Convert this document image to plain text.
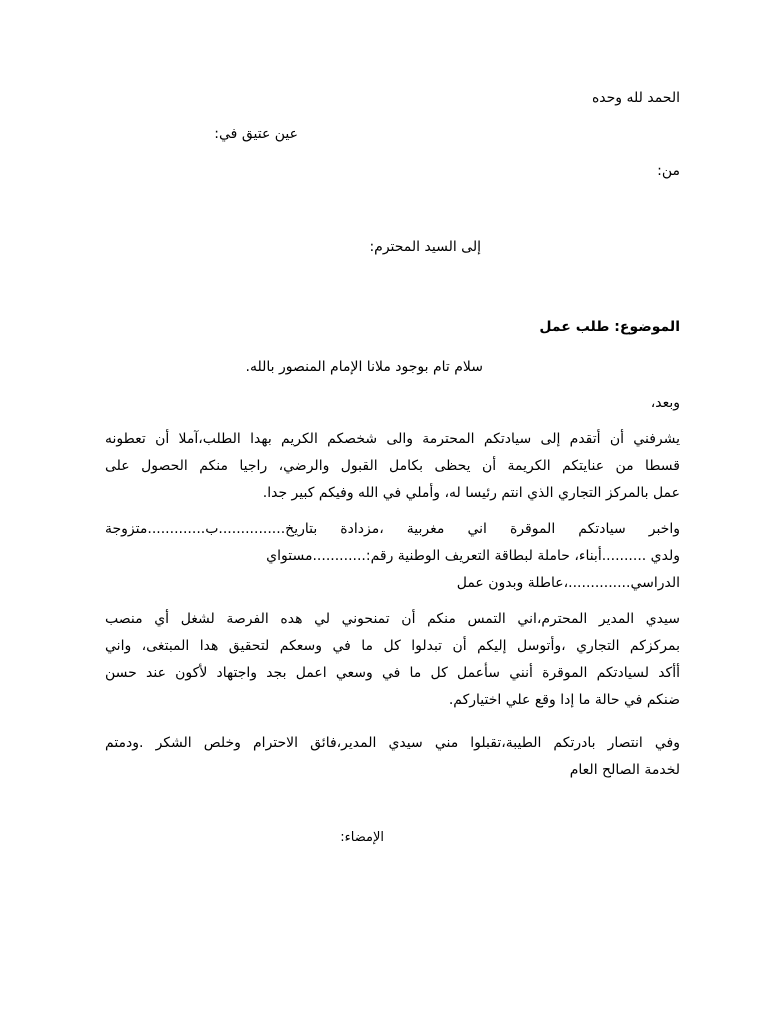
الحمد لله وحده
عين عتيق في:
من:
إلى السيد المحترم:
الموضوع: طلب عمل
سلام تام بوجود ملانا الإمام المنصور بالله.
وبعد،
يشرفني أن أتقدم إلى سيادتكم المحترمة والى شخصكم الكريم بهدا الطلب،آملا أن تعطونه
قسطا من عنايتكم الكريمة أن يحظى بكامل القبول والرضي، راجيا منكم الحصول على
عمل بالمركز التجاري الذي انتم رئيسا له، وأملي في الله وفيكم كبير جدا.
واخبر سيادتكم الموقرة اني مغربية ،مزدادة بتاريخ...............ب.............متزوجة
ولدي ..........أبناء، حاملة لبطاقة التعريف الوطنية رقم:............مستواي
الدراسي..............،عاطلة وبدون عمل
سيدي المدير المحترم،اني التمس منكم أن تمنحوني لي هده الفرصة لشغل أي منصب
بمركزكم التجاري ،وأتوسل إليكم أن تبدلوا كل ما في وسعكم لتحقيق هدا المبتغى، واني
أأكد لسيادتكم الموقرة أنني سأعمل كل ما في وسعي اعمل بجد واجتهاد لأكون عند حسن
ضنكم في حالة ما إدا وقع علي اختياركم.
وفي انتصار بادرتكم الطيبة،تقبلوا مني سيدي المدير،فائق الاحترام وخلص الشكر .ودمتم
لخدمة الصالح العام
الإمضاء:
